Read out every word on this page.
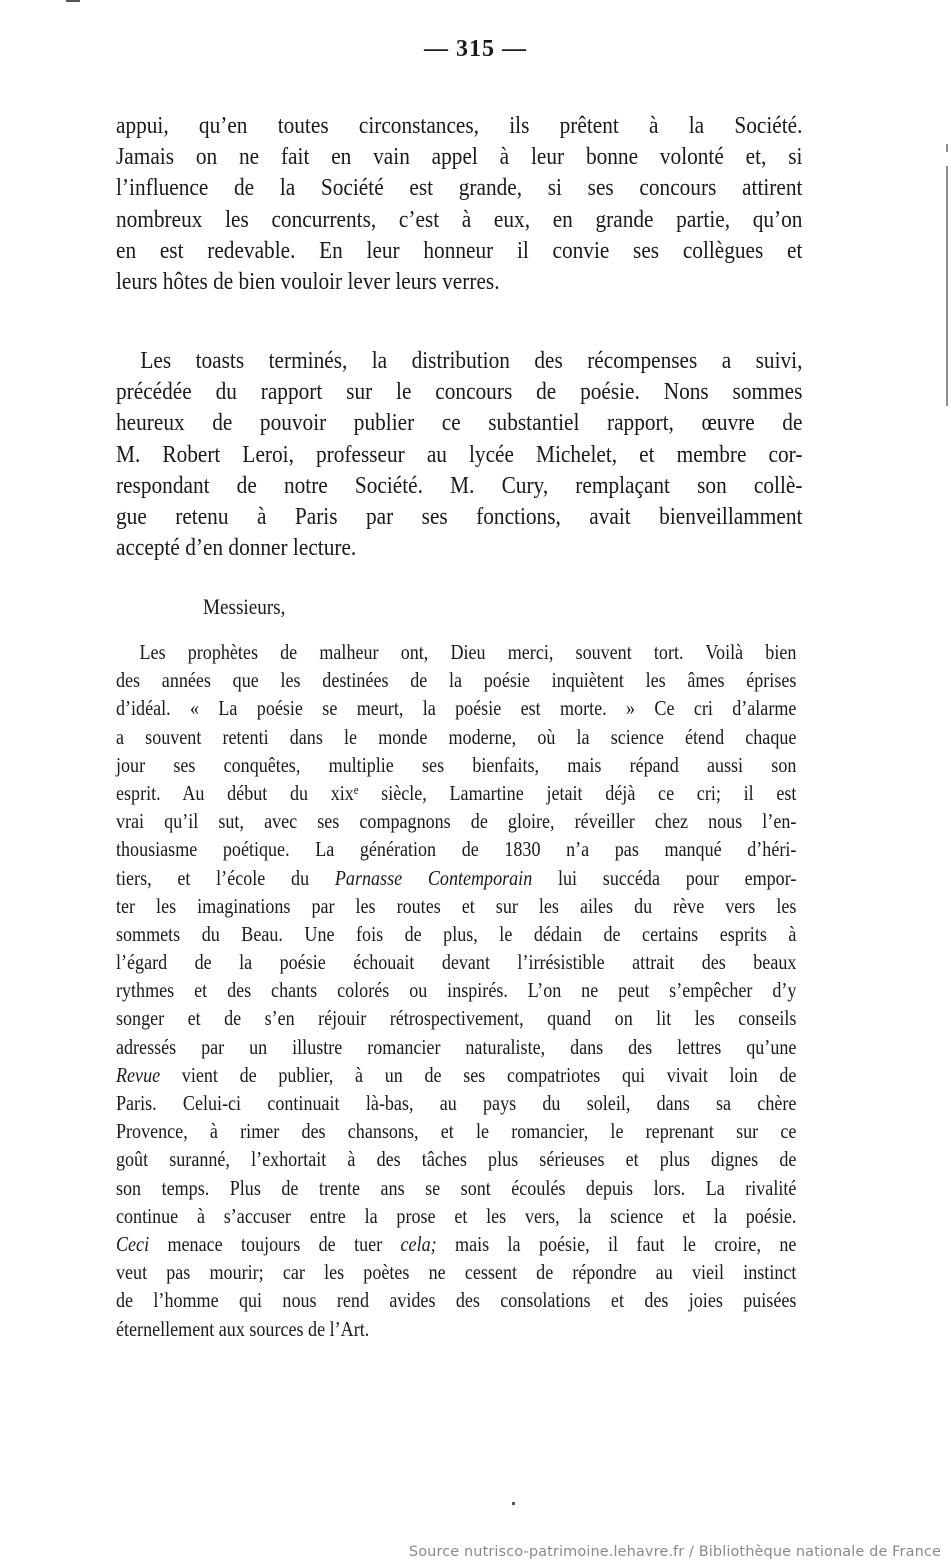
— 315 —
appui, qu’en toutes circonstances, ils prêtent à la Société.
Jamais on ne fait en vain appel à leur bonne volonté et, si
l’influence de la Société est grande, si ses concours attirent
nombreux les concurrents, c’est à eux, en grande partie, qu’on
en est redevable. En leur honneur il convie ses collègues et
leurs hôtes de bien vouloir lever leurs verres.
Les toasts terminés, la distribution des récompenses a suivi,
précédée du rapport sur le concours de poésie. Nons sommes
heureux de pouvoir publier ce substantiel rapport, œuvre de
M. Robert Leroi, professeur au lycée Michelet, et membre cor-
respondant de notre Société. M. Cury, remplaçant son collè-
gue retenu à Paris par ses fonctions, avait bienveillamment
accepté d’en donner lecture.
Messieurs,
Les prophètes de malheur ont, Dieu merci, souvent tort. Voilà bien
des années que les destinées de la poésie inquiètent les âmes éprises
d’idéal. « La poésie se meurt, la poésie est morte. » Ce cri d’alarme
a souvent retenti dans le monde moderne, où la science étend chaque
jour ses conquêtes, multiplie ses bienfaits, mais répand aussi son
esprit. Au début du xixᵉ siècle, Lamartine jetait déjà ce cri; il est
vrai qu’il sut, avec ses compagnons de gloire, réveiller chez nous l’en-
thousiasme poétique. La génération de 1830 n’a pas manqué d’héri-
tiers, et l’école du Parnasse Contemporain lui succéda pour empor-
ter les imaginations par les routes et sur les ailes du rève vers les
sommets du Beau. Une fois de plus, le dédain de certains esprits à
l’égard de la poésie échouait devant l’irrésistible attrait des beaux
rythmes et des chants colorés ou inspirés. L’on ne peut s’empêcher d’y
songer et de s’en réjouir rétrospectivement, quand on lit les conseils
adressés par un illustre romancier naturaliste, dans des lettres qu’une
Revue vient de publier, à un de ses compatriotes qui vivait loin de
Paris. Celui-ci continuait là-bas, au pays du soleil, dans sa chère
Provence, à rimer des chansons, et le romancier, le reprenant sur ce
goût suranné, l’exhortait à des tâches plus sérieuses et plus dignes de
son temps. Plus de trente ans se sont écoulés depuis lors. La rivalité
continue à s’accuser entre la prose et les vers, la science et la poésie.
Ceci menace toujours de tuer cela; mais la poésie, il faut le croire, ne
veut pas mourir; car les poètes ne cessent de répondre au vieil instinct
de l’homme qui nous rend avides des consolations et des joies puisées
éternellement aux sources de l’Art.
Source nutrisco-patrimoine.lehavre.fr / Bibliothèque nationale de France
